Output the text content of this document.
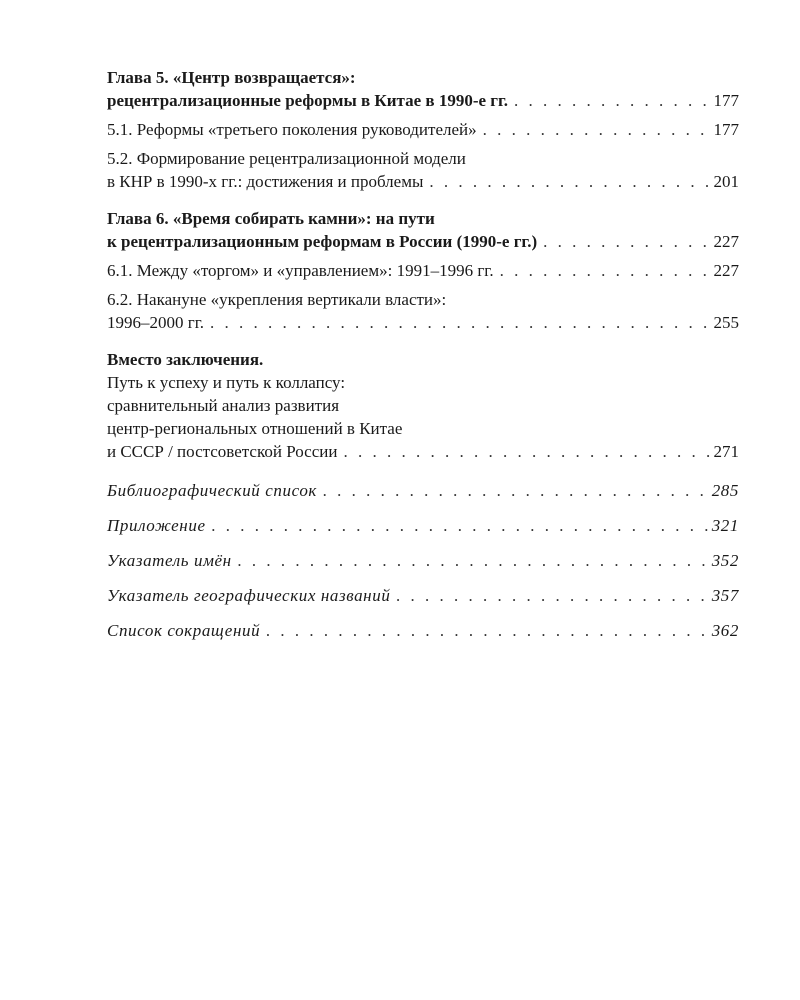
Глава 5. «Центр возвращается»:
рецентрализационные реформы в Китае в 1990-е гг. . . .	177
5.1. Реформы «третьего поколения руководителей» . . .	177
5.2. Формирование рецентрализационной модели
в КНР в 1990-х гг.: достижения и проблемы . . .	201
Глава 6. «Время собирать камни»: на пути
к рецентрализационным реформам в России (1990-е гг.) . . .	227
6.1. Между «торгом» и «управлением»: 1991–1996 гг. . . .	227
6.2. Накануне «укрепления вертикали власти»:
1996–2000 гг. . . .	255
Вместо заключения.
Путь к успеху и путь к коллапсу:
сравнительный анализ развития
центр-региональных отношений в Китае
и СССР / постсоветской России . . .	271
Библиографический список . . .	285
Приложение . . .	321
Указатель имён . . .	352
Указатель географических названий . . .	357
Список сокращений . . .	362
